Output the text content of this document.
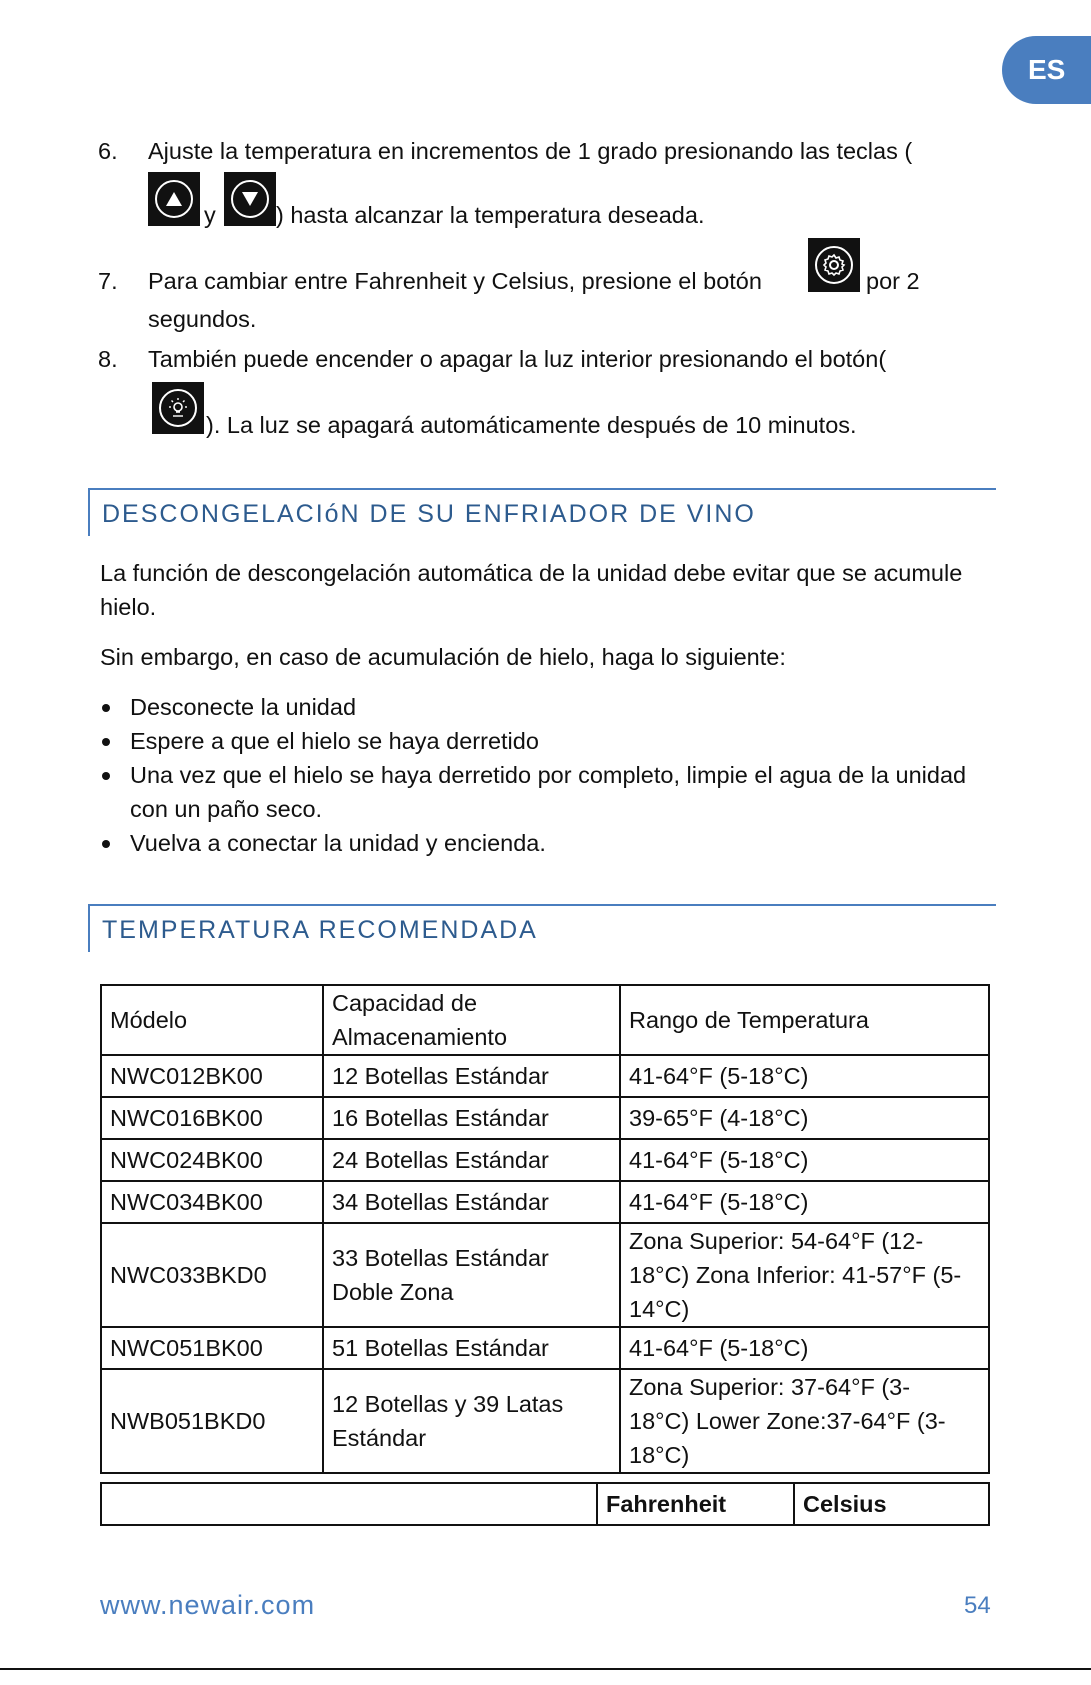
ES
6. Ajuste la temperatura en incrementos de 1 grado presionando las teclas (
y	) hasta alcanzar la temperatura deseada.
7. Para cambiar entre Fahrenheit y Celsius, presione el botón
segundos.
por 2
8. También puede encender o apagar la luz interior presionando el botón(
). La luz se apagará automáticamente después de 10 minutos.
DESCONGELACIóN DE SU ENFRIADOR DE VINO
La función de descongelación automática de la unidad debe evitar que se acumule hielo.
Sin embargo, en caso de acumulación de hielo, haga lo siguiente:
Desconecte la unidad
Espere a que el hielo se haya derretido
Una vez que el hielo se haya derretido por completo, limpie el agua de la unidad con un paño seco.
Vuelva a conectar la unidad y encienda.
TEMPERATURA RECOMENDADA
Módelo	Capacidad de Almacenamiento	Rango de Temperatura
NWC012BK00	12 Botellas Estándar	41-64°F (5-18°C)
NWC016BK00	16 Botellas Estándar	39-65°F (4-18°C)
NWC024BK00	24 Botellas Estándar	41-64°F (5-18°C)
NWC034BK00	34 Botellas Estándar	41-64°F (5-18°C)
NWC033BKD0	33 Botellas Estándar Doble Zona	Zona Superior: 54-64°F (12-18°C) Zona Inferior: 41-57°F (5-14°C)
NWC051BK00	51 Botellas Estándar	41-64°F (5-18°C)
NWB051BKD0	12 Botellas y 39 Latas Estándar	Zona Superior: 37-64°F (3-18°C) Lower Zone:37-64°F (3-18°C)
	Fahrenheit	Celsius
www.newair.com	54
